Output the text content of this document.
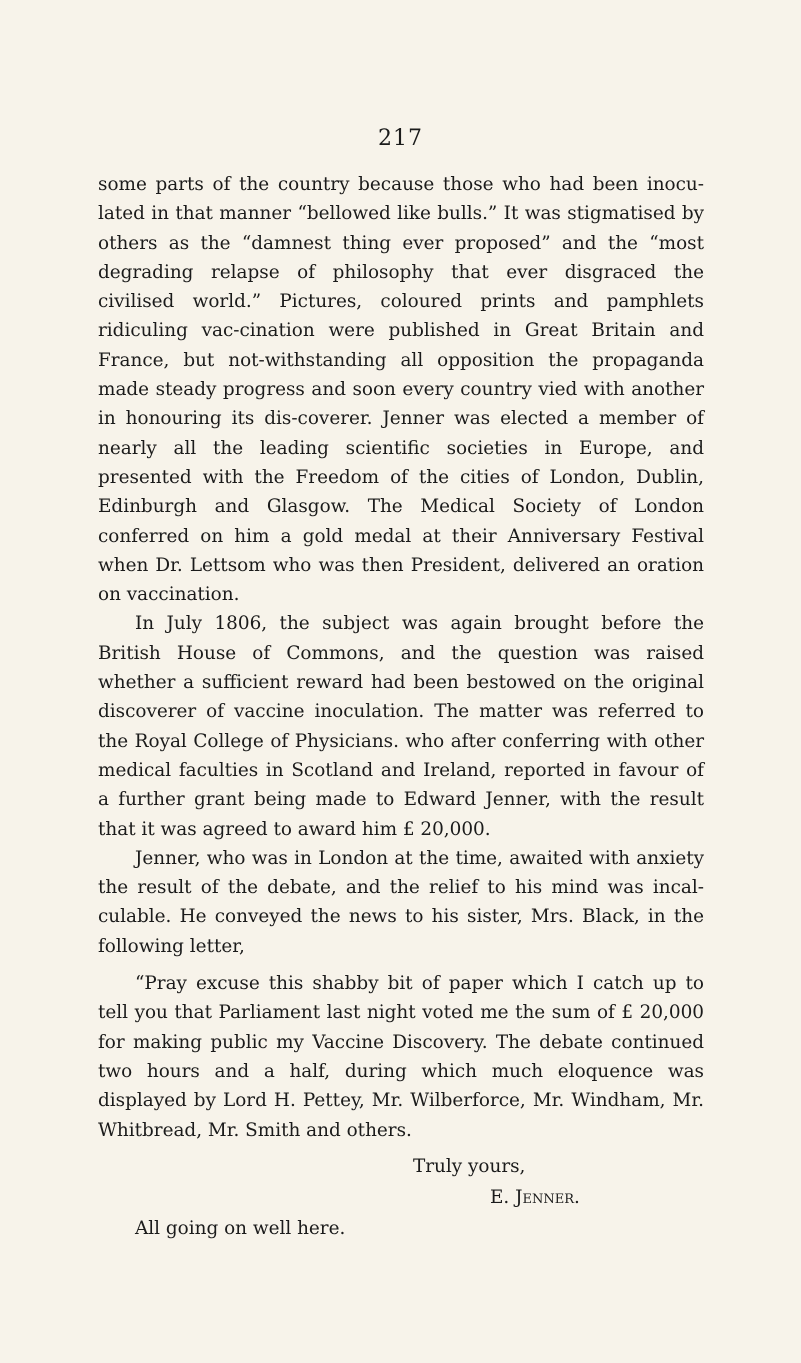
217

some parts of the country because those who had been inocu-lated in that manner “bellowed like bulls.” It was stigmatised by others as the “damnest thing ever proposed” and the “most degrading relapse of philosophy that ever disgraced the civilised world.” Pictures, coloured prints and pamphlets ridiculing vac-cination were published in Great Britain and France, but not-withstanding all opposition the propaganda made steady progress and soon every country vied with another in honouring its dis-coverer. Jenner was elected a member of nearly all the leading scientific societies in Europe, and presented with the Freedom of the cities of London, Dublin, Edinburgh and Glasgow. The Medical Society of London conferred on him a gold medal at their Anniversary Festival when Dr. Lettsom who was then President, delivered an oration on vaccination.

In July 1806, the subject was again brought before the British House of Commons, and the question was raised whether a sufficient reward had been bestowed on the original discoverer of vaccine inoculation. The matter was referred to the Royal College of Physicians. who after conferring with other medical faculties in Scotland and Ireland, reported in favour of a further grant being made to Edward Jenner, with the result that it was agreed to award him £ 20,000.

Jenner, who was in London at the time, awaited with anxiety the result of the debate, and the relief to his mind was incal-culable. He conveyed the news to his sister, Mrs. Black, in the following letter,

“Pray excuse this shabby bit of paper which I catch up to tell you that Parliament last night voted me the sum of £ 20,000 for making public my Vaccine Discovery. The debate continued two hours and a half, during which much eloquence was displayed by Lord H. Pettey, Mr. Wilberforce, Mr. Windham, Mr. Whitbread, Mr. Smith and others.

Truly yours,

E. Jenner.

All going on well here.
